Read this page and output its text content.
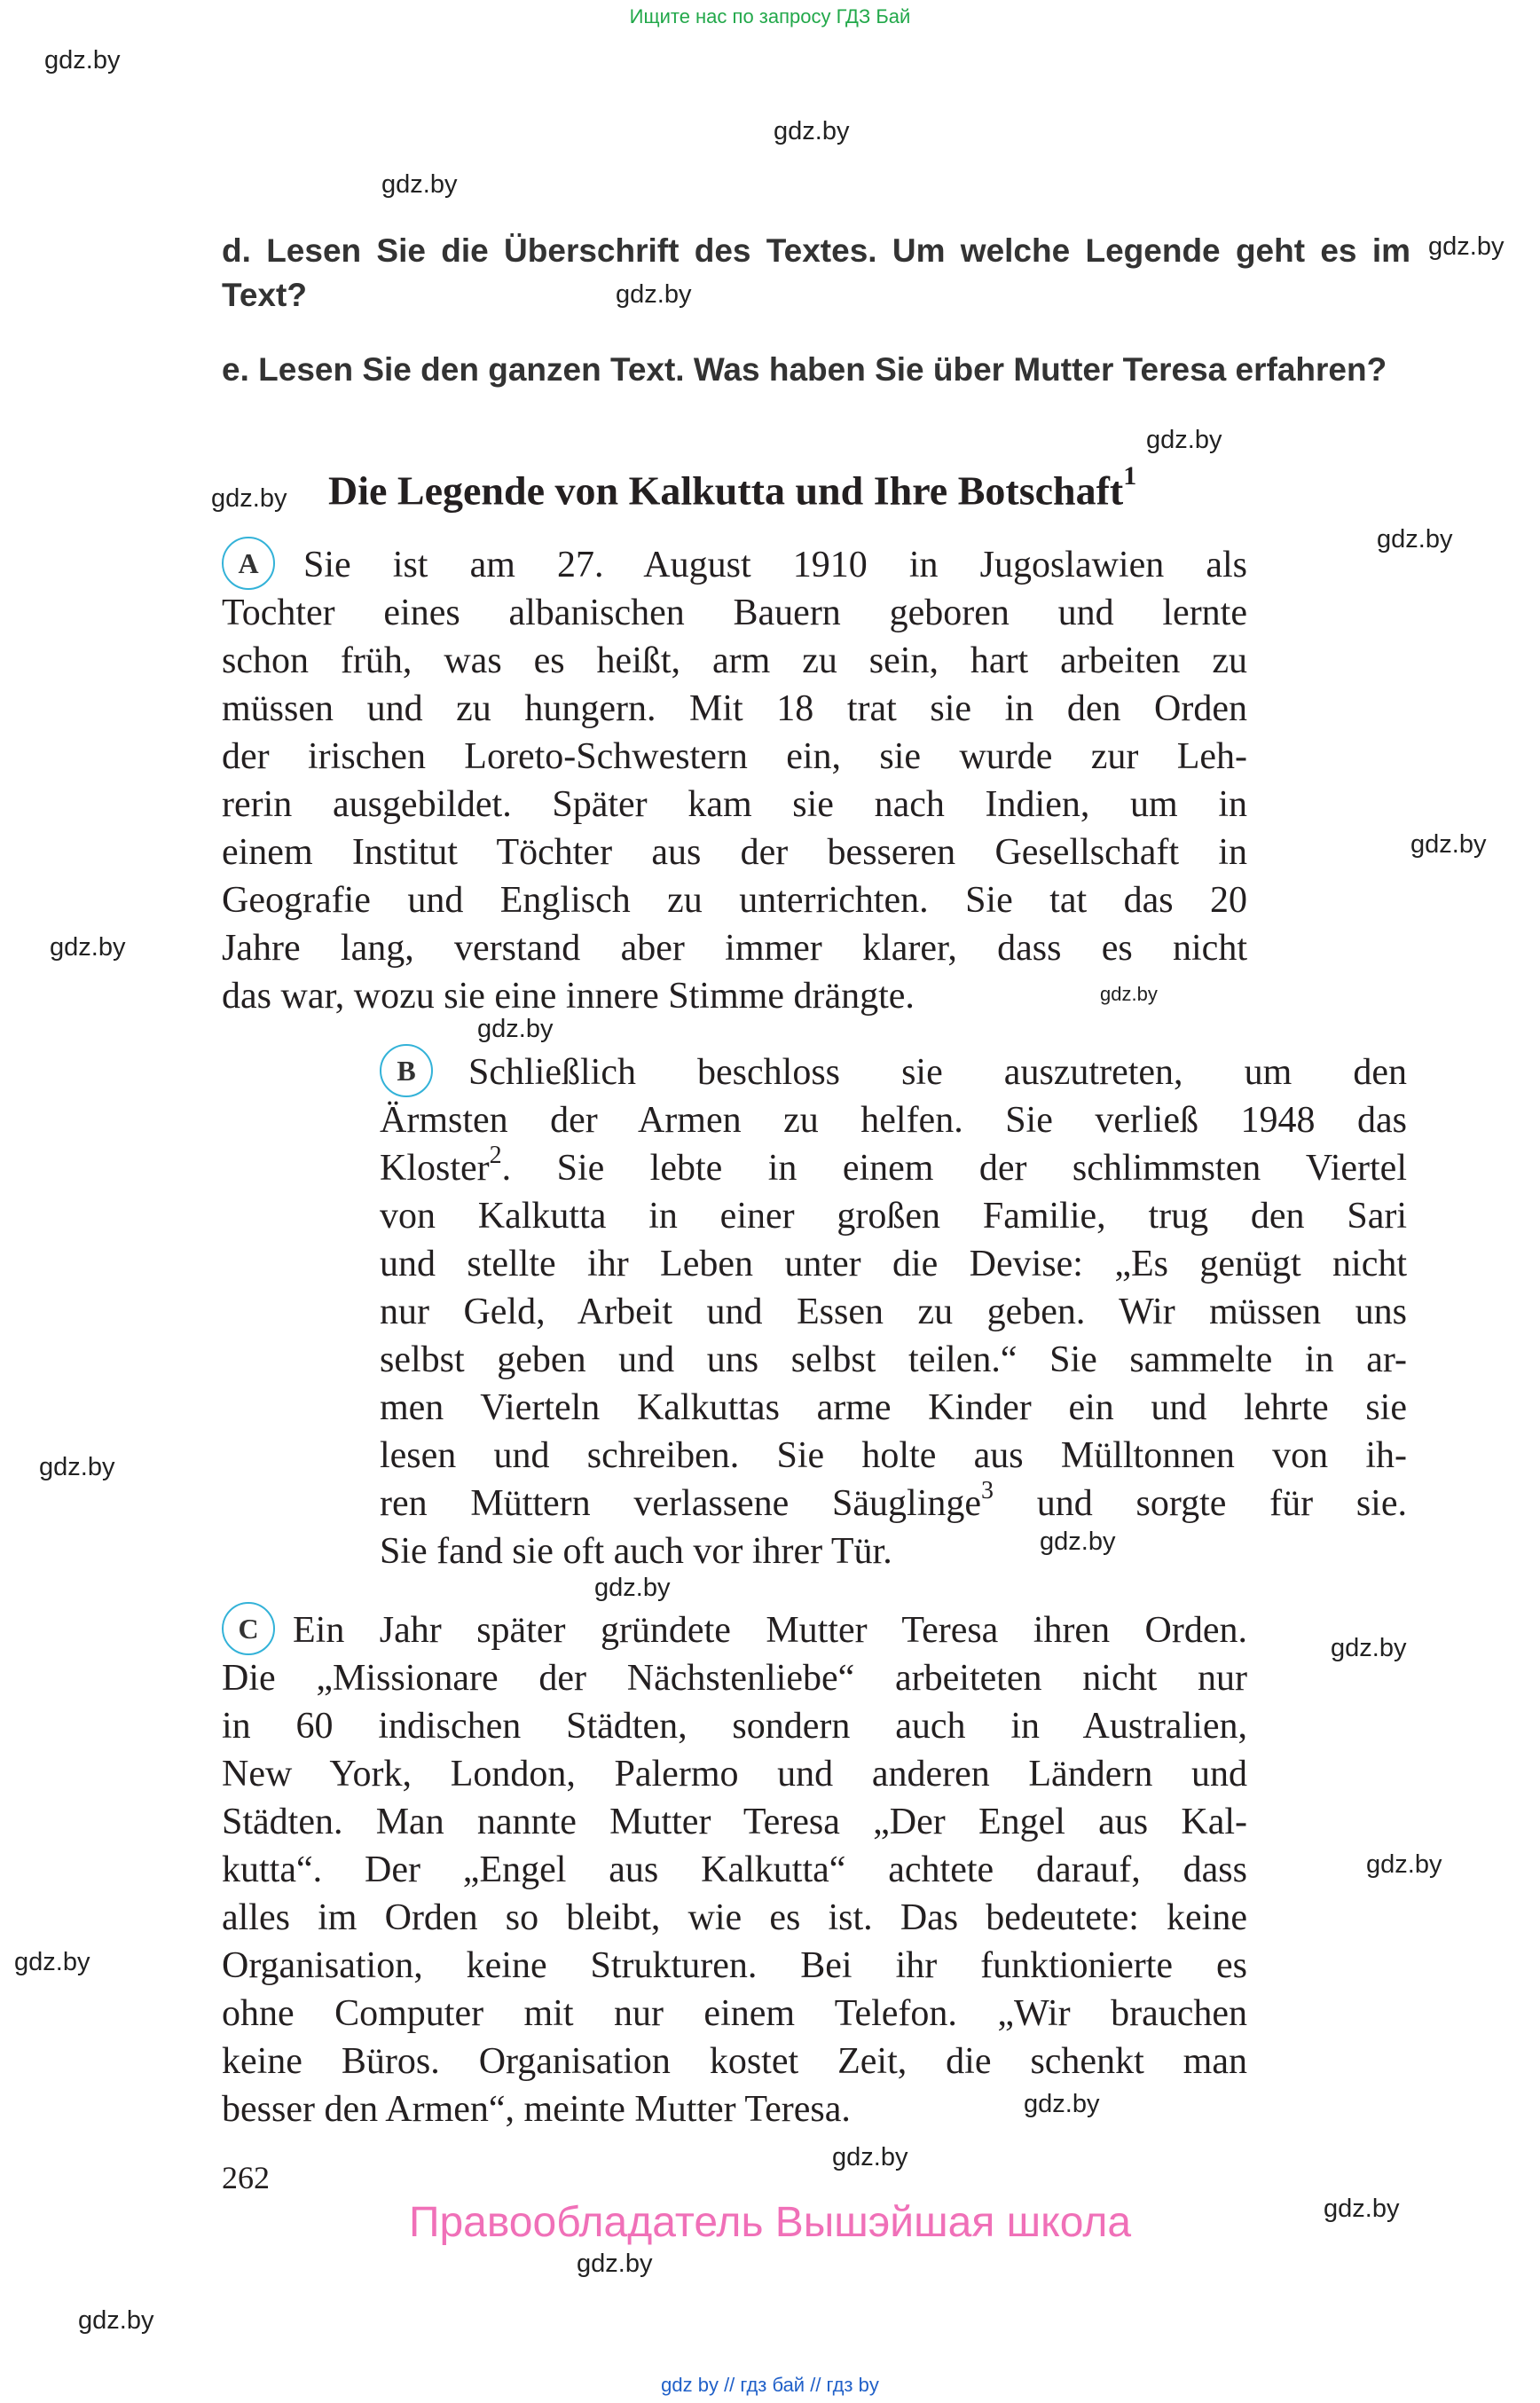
Ищите нас по запросу ГДЗ Бай
gdz.by
gdz.by
gdz.by
gdz.by
gdz.by
gdz.by
gdz.by
gdz.by
gdz.by
gdz.by
gdz.by
gdz.by
gdz.by
gdz.by
gdz.by
gdz.by
gdz.by
gdz.by
gdz.by
gdz.by
gdz.by
gdz.by
gdz.by
d. Lesen Sie die Überschrift des Textes. Um welche Legende geht es im Text?
e. Lesen Sie den ganzen Text. Was haben Sie über Mutter Teresa erfahren?
Die Legende von Kalkutta und Ihre Botschaft$^1$
A	Sie ist am 27. August 1910 in Jugoslawien als
Tochter eines albanischen Bauern geboren und lernte
schon früh, was es heißt, arm zu sein, hart arbeiten zu
müssen und zu hungern. Mit 18 trat sie in den Orden
der irischen Loreto-Schwestern ein, sie wurde zur Leh-
rerin ausgebildet. Später kam sie nach Indien, um in
einem Institut Töchter aus der besseren Gesellschaft in
Geografie und Englisch zu unterrichten. Sie tat das 20
Jahre lang, verstand aber immer klarer, dass es nicht
das war, wozu sie eine innere Stimme drängte.
B	Schließlich beschloss sie auszutreten, um den
Ärmsten der Armen zu helfen. Sie verließ 1948 das
Kloster$^2$. Sie lebte in einem der schlimmsten Viertel
von Kalkutta in einer großen Familie, trug den Sari
und stellte ihr Leben unter die Devise: „Es genügt nicht
nur Geld, Arbeit und Essen zu geben. Wir müssen uns
selbst geben und uns selbst teilen.“ Sie sammelte in ar-
men Vierteln Kalkuttas arme Kinder ein und lehrte sie
lesen und schreiben. Sie holte aus Mülltonnen von ih-
ren Müttern verlassene Säuglinge$^3$ und sorgte für sie.
Sie fand sie oft auch vor ihrer Tür.
C Ein Jahr später gründete Mutter Teresa ihren Orden.
Die „Missionare der Nächstenliebe“ arbeiteten nicht nur
in 60 indischen Städten, sondern auch in Australien,
New York, London, Palermo und anderen Ländern und
Städten. Man nannte Mutter Teresa „Der Engel aus Kal-
kutta“. Der „Engel aus Kalkutta“ achtete darauf, dass
alles im Orden so bleibt, wie es ist. Das bedeutete: keine
Organisation, keine Strukturen. Bei ihr funktionierte es
ohne Computer mit nur einem Telefon. „Wir brauchen
keine Büros. Organisation kostet Zeit, die schenkt man
besser den Armen“, meinte Mutter Teresa.
262
Правообладатель Вышэйшая школа
gdz by // гдз бай // гдз by
